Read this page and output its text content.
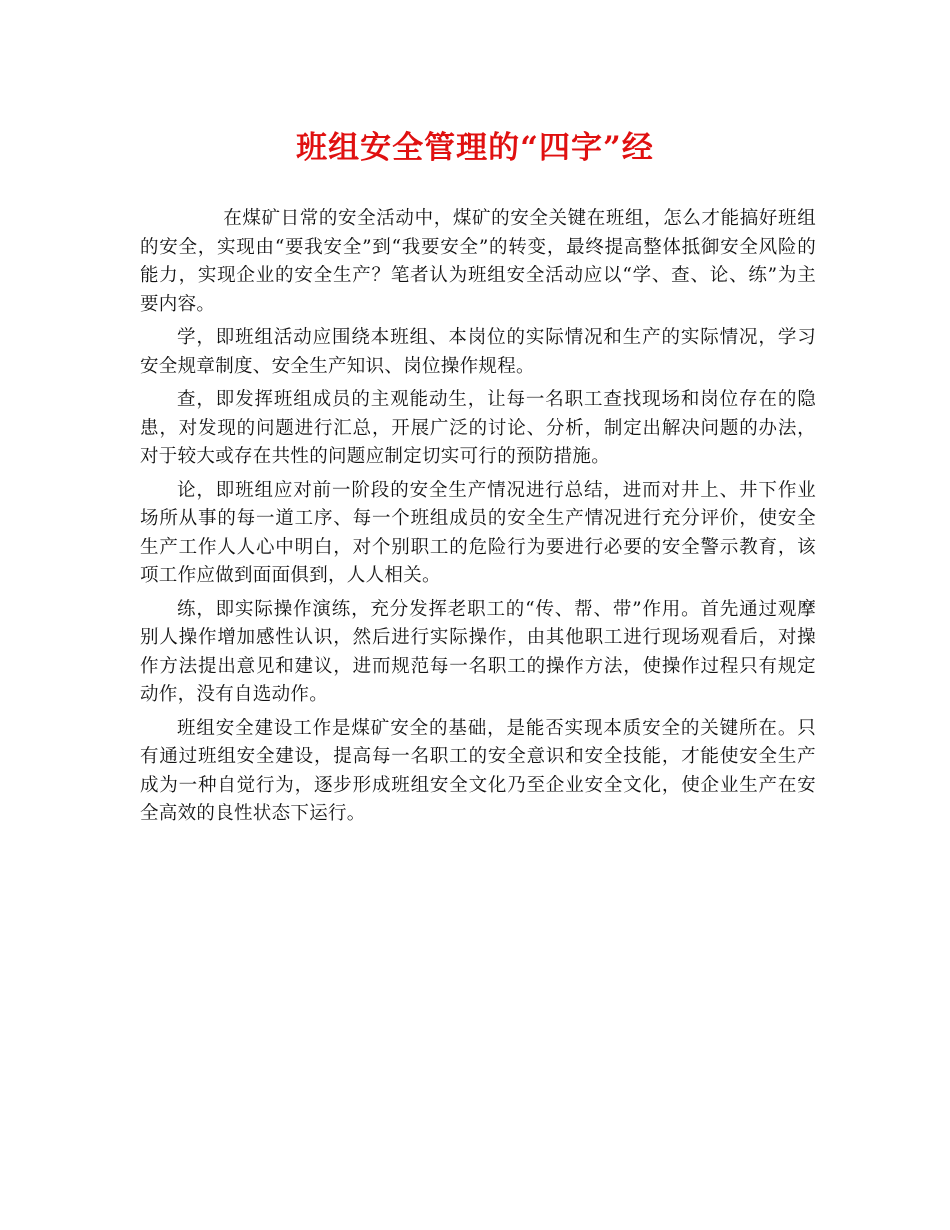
班组安全管理的“四字”经

在煤矿日常的安全活动中，煤矿的安全关键在班组，怎么才能搞好班组的安全，实现由“要我安全”到“我要安全”的转变，最终提高整体抵御安全风险的能力，实现企业的安全生产？笔者认为班组安全活动应以“学、查、论、练”为主要内容。

学，即班组活动应围绕本班组、本岗位的实际情况和生产的实际情况，学习安全规章制度、安全生产知识、岗位操作规程。

查，即发挥班组成员的主观能动生，让每一名职工查找现场和岗位存在的隐患，对发现的问题进行汇总，开展广泛的讨论、分析，制定出解决问题的办法，对于较大或存在共性的问题应制定切实可行的预防措施。

论，即班组应对前一阶段的安全生产情况进行总结，进而对井上、井下作业场所从事的每一道工序、每一个班组成员的安全生产情况进行充分评价，使安全生产工作人人心中明白，对个别职工的危险行为要进行必要的安全警示教育，该项工作应做到面面俱到，人人相关。

练，即实际操作演练，充分发挥老职工的“传、帮、带”作用。首先通过观摩别人操作增加感性认识，然后进行实际操作，由其他职工进行现场观看后，对操作方法提出意见和建议，进而规范每一名职工的操作方法，使操作过程只有规定动作，没有自选动作。

班组安全建设工作是煤矿安全的基础，是能否实现本质安全的关键所在。只有通过班组安全建设，提高每一名职工的安全意识和安全技能，才能使安全生产成为一种自觉行为，逐步形成班组安全文化乃至企业安全文化，使企业生产在安全高效的良性状态下运行。
